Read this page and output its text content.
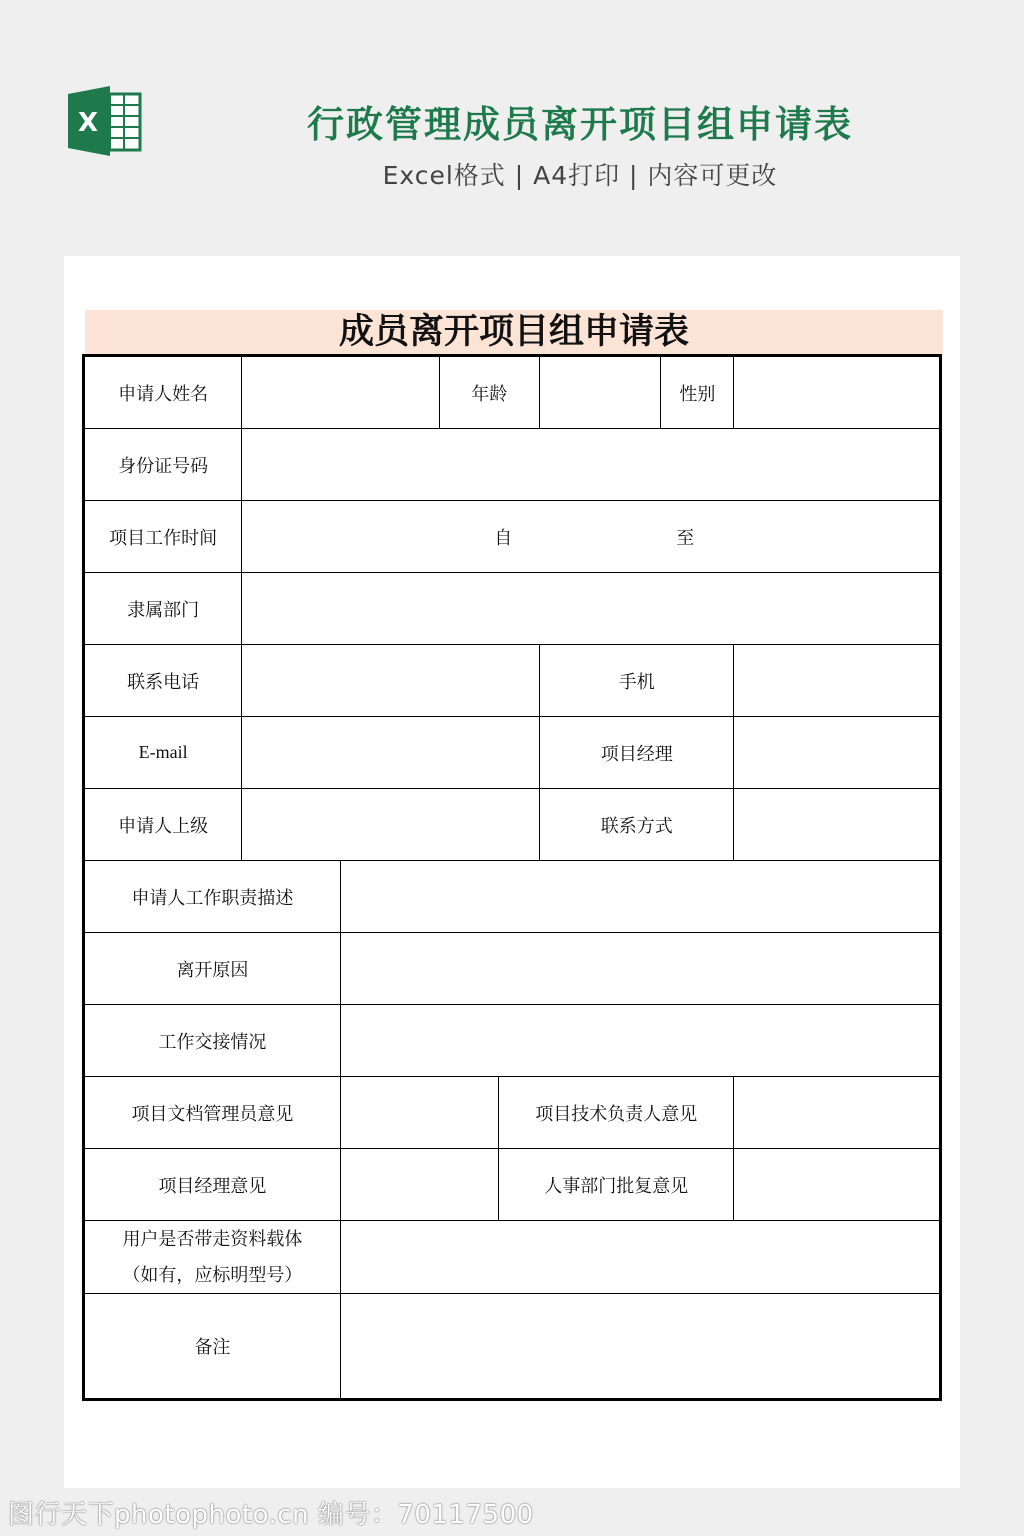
X	行政管理成员离开项目组申请表
Excel格式 | A4打印 | 内容可更改
成员离开项目组申请表
申请人姓名			年龄			性别	
身份证号码							
项目工作时间	自 至						

隶属部门							
联系电话					手机		
E-mail					项目经理		
申请人上级					联系方式		
申请人工作职责描述							
离开原因							
工作交接情况							
项目文档管理员意见				项目技术负责人意见			
项目经理意见				人事部门批复意见			

用户是否带走资料载体
（如有，应标明型号）							

备注							
图行天下photophoto.cn 编号：70117500
